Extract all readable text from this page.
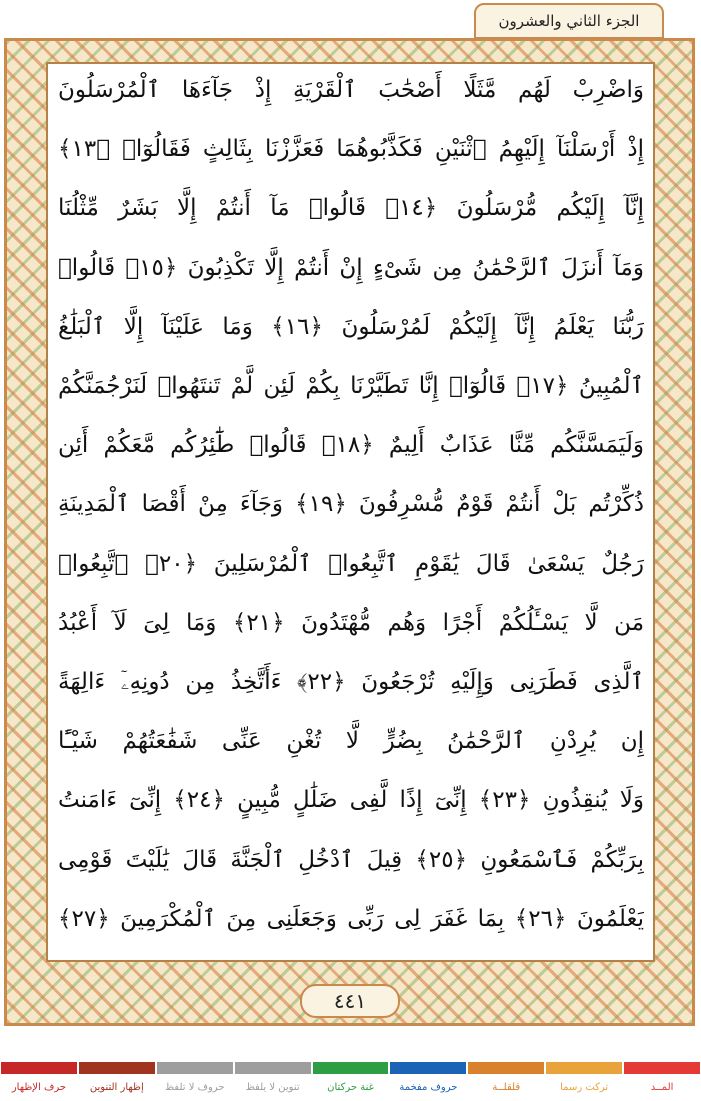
الجزء الثاني والعشرون
وَاضْرِبْ لَهُم مَّثَلًا أَصْحَٰبَ ٱلْقَرْيَةِ إِذْ جَآءَهَا ٱلْمُرْسَلُونَ
إِذْ أَرْسَلْنَآ إِلَيْهِمُ ٱثْنَيْنِ فَكَذَّبُوهُمَا فَعَزَّزْنَا بِثَالِثٍ فَقَالُوٓا۟ ﴿١٣﴾
إِنَّآ إِلَيْكُم مُّرْسَلُونَ ﴿١٤﴾ قَالُوا۟ مَآ أَنتُمْ إِلَّا بَشَرٌ مِّثْلُنَا
وَمَآ أَنزَلَ ٱلرَّحْمَٰنُ مِن شَىْءٍ إِنْ أَنتُمْ إِلَّا تَكْذِبُونَ ﴿١٥﴾ قَالُوا۟
رَبُّنَا يَعْلَمُ إِنَّآ إِلَيْكُمْ لَمُرْسَلُونَ ﴿١٦﴾ وَمَا عَلَيْنَآ إِلَّا ٱلْبَلَٰغُ
ٱلْمُبِينُ ﴿١٧﴾ قَالُوٓا۟ إِنَّا تَطَيَّرْنَا بِكُمْ لَئِن لَّمْ تَنتَهُوا۟ لَنَرْجُمَنَّكُمْ
وَلَيَمَسَّنَّكُم مِّنَّا عَذَابٌ أَلِيمٌ ﴿١٨﴾ قَالُوا۟ طَٰٓئِرُكُم مَّعَكُمْ أَئِن
ذُكِّرْتُم بَلْ أَنتُمْ قَوْمٌ مُّسْرِفُونَ ﴿١٩﴾ وَجَآءَ مِنْ أَقْصَا ٱلْمَدِينَةِ
رَجُلٌ يَسْعَىٰ قَالَ يَٰقَوْمِ ٱتَّبِعُوا۟ ٱلْمُرْسَلِينَ ﴿٢٠﴾ ٱتَّبِعُوا۟
مَن لَّا يَسْـَٔلُكُمْ أَجْرًا وَهُم مُّهْتَدُونَ ﴿٢١﴾ وَمَا لِىَ لَآ أَعْبُدُ
ٱلَّذِى فَطَرَنِى وَإِلَيْهِ تُرْجَعُونَ ﴿٢٢﴾ ءَأَتَّخِذُ مِن دُونِهِۦٓ ءَالِهَةً
إِن يُرِدْنِ ٱلرَّحْمَٰنُ بِضُرٍّ لَّا تُغْنِ عَنِّى شَفَٰعَتُهُمْ شَيْـًٔا
وَلَا يُنقِذُونِ ﴿٢٣﴾ إِنِّىٓ إِذًا لَّفِى ضَلَٰلٍ مُّبِينٍ ﴿٢٤﴾ إِنِّىٓ ءَامَنتُ
بِرَبِّكُمْ فَٱسْمَعُونِ ﴿٢٥﴾ قِيلَ ٱدْخُلِ ٱلْجَنَّةَ قَالَ يَٰلَيْتَ قَوْمِى
يَعْلَمُونَ ﴿٢٦﴾ بِمَا غَفَرَ لِى رَبِّى وَجَعَلَنِى مِنَ ٱلْمُكْرَمِينَ ﴿٢٧﴾
٤٤١
المــد
تركت رسما
قلقلــة
حروف مفخمة
غنة حركتان
تنوين لا يلفظ
حروف لا تلفظ
إظهار التنوين
حرف الإظهار
